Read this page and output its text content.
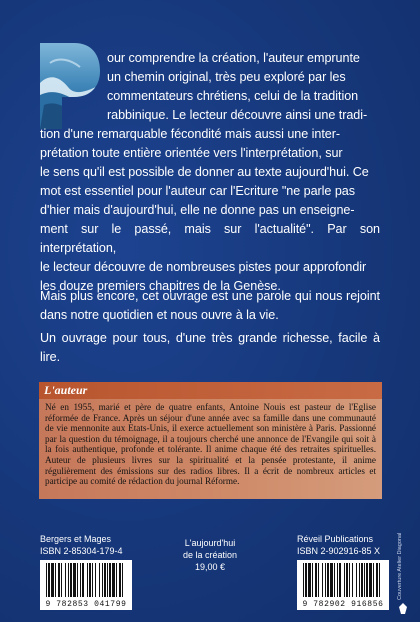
our comprendre la création, l'auteur emprunte
un chemin original, très peu exploré par les
commentateurs chrétiens, celui de la tradition
rabbinique. Le lecteur découvre ainsi une tradi-
tion d'une remarquable fécondité mais aussi une inter-
prétation toute entière orientée vers l'interprétation, sur
le sens qu'il est possible de donner au texte aujourd'hui. Ce
mot est essentiel pour l'auteur car l'Ecriture "ne parle pas
d'hier mais d'aujourd'hui, elle ne donne pas un enseigne-
ment sur le passé, mais sur l'actualité". Par son interprétation,
le lecteur découvre de nombreuses pistes pour approfondir
les douze premiers chapitres de la Genèse.

Mais plus encore, cet ouvrage est une parole qui nous rejoint dans notre quotidien et nous ouvre à la vie.

Un ouvrage pour tous, d'une très grande richesse, facile à lire.

L'auteur

Né en 1955, marié et père de quatre enfants, Antoine Nouis est pasteur de l'Eglise réformée de France. Après un séjour d'une année avec sa famille dans une communauté de vie mennonite aux Etats-Unis, il exerce actuellement son ministère à Paris. Passionné par la question du témoignage, il a toujours cherché une annonce de l'Evangile qui soit à la fois authentique, profonde et tolérante. Il anime chaque été des retraites spirituelles. Auteur de plusieurs livres sur la spiritualité et la pensée protestante, il anime régulièrement des émissions sur des radios libres. Il a écrit de nombreux articles et participe au comité de rédaction du journal Réforme.

Bergers et Mages
ISBN 2-85304-179-4
L'aujourd'hui
de la création
19,00 €
Réveil Publications
ISBN 2-902916-85 X
9 782853 041799	9 782902 916856
Couverture Atelier Diagonal
